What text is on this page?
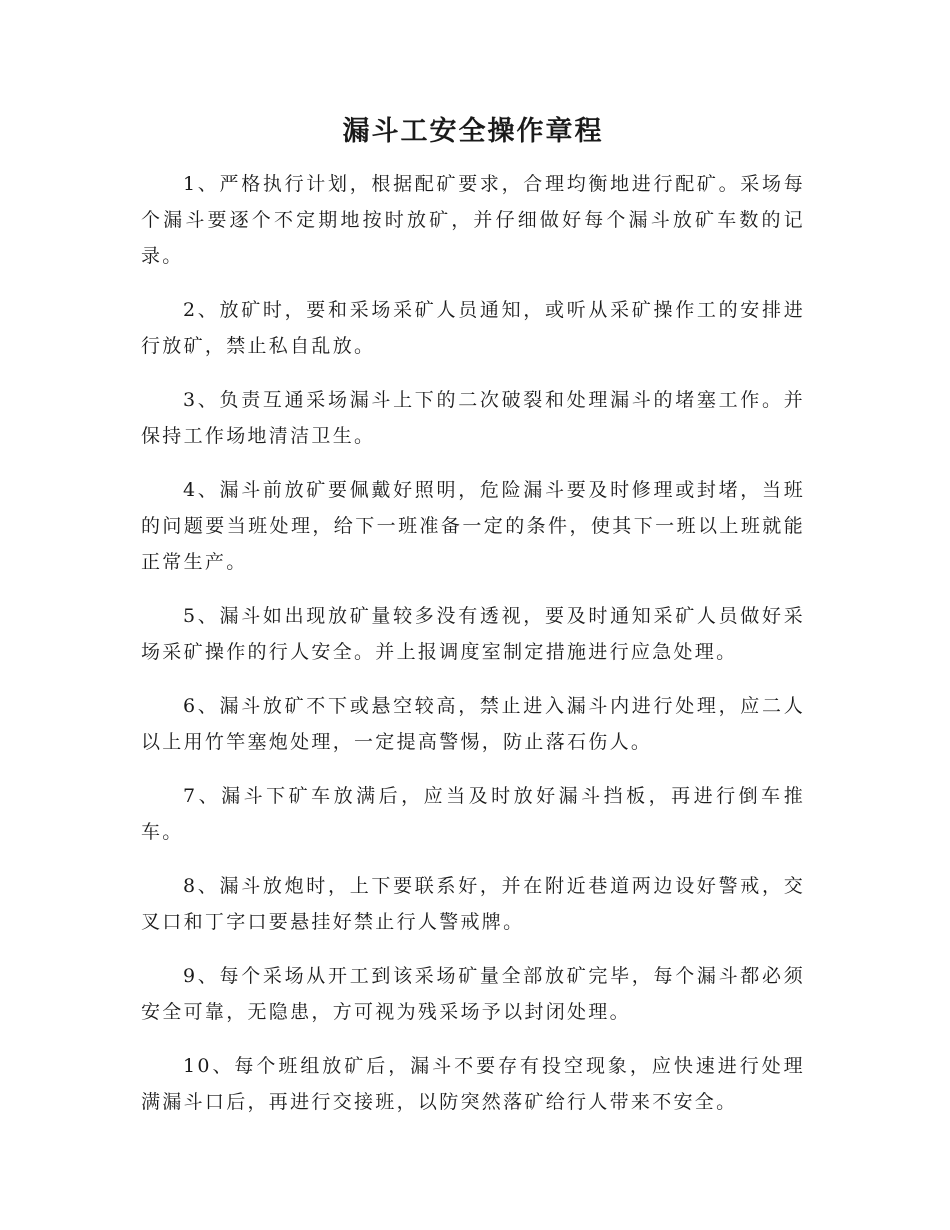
漏斗工安全操作章程

1、严格执行计划，根据配矿要求，合理均衡地进行配矿。采场每个漏斗要逐个不定期地按时放矿，并仔细做好每个漏斗放矿车数的记录。

2、放矿时，要和采场采矿人员通知，或听从采矿操作工的安排进行放矿，禁止私自乱放。

3、负责互通采场漏斗上下的二次破裂和处理漏斗的堵塞工作。并保持工作场地清洁卫生。

4、漏斗前放矿要佩戴好照明，危险漏斗要及时修理或封堵，当班的问题要当班处理，给下一班准备一定的条件，使其下一班以上班就能正常生产。

5、漏斗如出现放矿量较多没有透视，要及时通知采矿人员做好采场采矿操作的行人安全。并上报调度室制定措施进行应急处理。

6、漏斗放矿不下或悬空较高，禁止进入漏斗内进行处理，应二人以上用竹竿塞炮处理，一定提高警惕，防止落石伤人。

7、漏斗下矿车放满后，应当及时放好漏斗挡板，再进行倒车推车。

8、漏斗放炮时，上下要联系好，并在附近巷道两边设好警戒，交叉口和丁字口要悬挂好禁止行人警戒牌。

9、每个采场从开工到该采场矿量全部放矿完毕，每个漏斗都必须安全可靠，无隐患，方可视为残采场予以封闭处理。

10、每个班组放矿后，漏斗不要存有投空现象，应快速进行处理满漏斗口后，再进行交接班，以防突然落矿给行人带来不安全。
